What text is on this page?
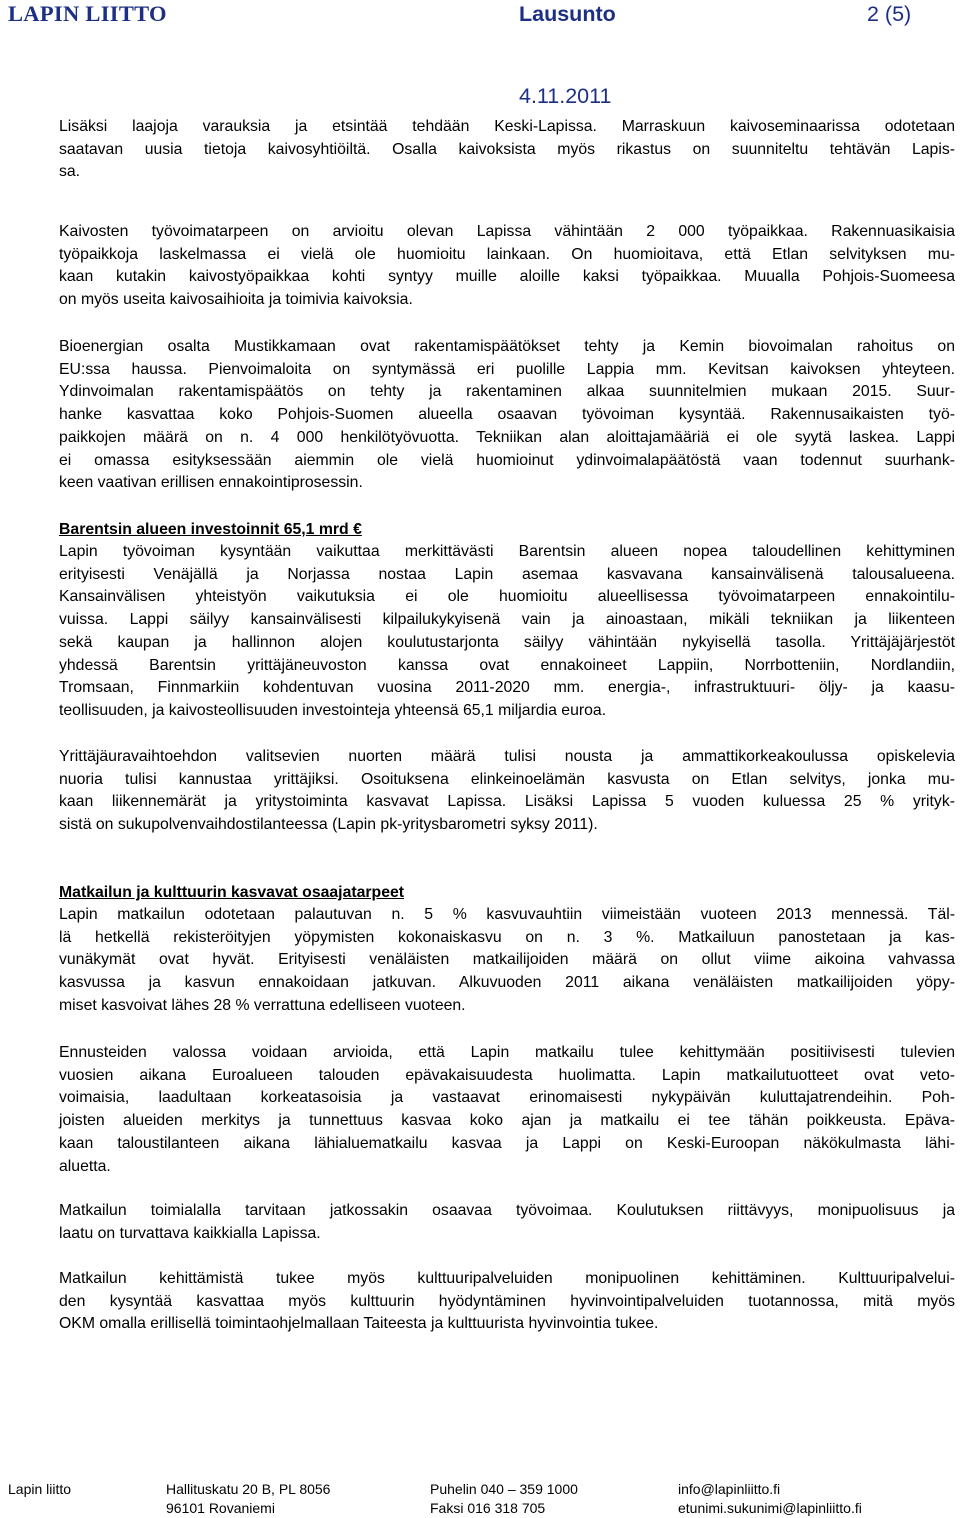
LAPIN LIITTO	Lausunto	2 (5)
4.11.2011
Lisäksi laajoja varauksia ja etsintää tehdään Keski-Lapissa. Marraskuun kaivoseminaarissa odotetaan
saatavan uusia tietoja kaivosyhtiöiltä. Osalla kaivoksista myös rikastus on suunniteltu tehtävän Lapis-
sa.
Kaivosten työvoimatarpeen on arvioitu olevan Lapissa vähintään 2 000 työpaikkaa. Rakennuasikaisia
työpaikkoja laskelmassa ei vielä ole huomioitu lainkaan. On huomioitava, että Etlan selvityksen mu-
kaan kutakin kaivostyöpaikkaa kohti syntyy muille aloille kaksi työpaikkaa. Muualla Pohjois-Suomeesa
on myös useita kaivosaihioita ja toimivia kaivoksia.
Bioenergian osalta Mustikkamaan ovat rakentamispäätökset tehty ja Kemin biovoimalan rahoitus on
EU:ssa haussa. Pienvoimaloita on syntymässä eri puolille Lappia mm. Kevitsan kaivoksen yhteyteen.
Ydinvoimalan rakentamispäätös on tehty ja rakentaminen alkaa suunnitelmien mukaan 2015. Suur-
hanke kasvattaa koko Pohjois-Suomen alueella osaavan työvoiman kysyntää. Rakennusaikaisten työ-
paikkojen määrä on n. 4 000 henkilötyövuotta. Tekniikan alan aloittajamääriä ei ole syytä laskea. Lappi
ei omassa esityksessään aiemmin ole vielä huomioinut ydinvoimalapäätöstä vaan todennut suurhank-
keen vaativan erillisen ennakointiprosessin.
Barentsin alueen investoinnit 65,1 mrd €
Lapin työvoiman kysyntään vaikuttaa merkittävästi Barentsin alueen nopea taloudellinen kehittyminen
erityisesti Venäjällä ja Norjassa nostaa Lapin asemaa kasvavana kansainvälisenä talousalueena.
Kansainvälisen yhteistyön vaikutuksia ei ole huomioitu alueellisessa työvoimatarpeen ennakointilu-
vuissa. Lappi säilyy kansainvälisesti kilpailukykyisenä vain ja ainoastaan, mikäli tekniikan ja liikenteen
sekä kaupan ja hallinnon alojen koulutustarjonta säilyy vähintään nykyisellä tasolla. Yrittäjäjärjestöt
yhdessä Barentsin yrittäjäneuvoston kanssa ovat ennakoineet Lappiin, Norrbotteniin, Nordlandiin,
Tromsaan, Finnmarkiin kohdentuvan vuosina 2011-2020 mm. energia-, infrastruktuuri- öljy- ja kaasu-
teollisuuden, ja kaivosteollisuuden investointeja yhteensä 65,1 miljardia euroa.
Yrittäjäuravaihtoehdon valitsevien nuorten määrä tulisi nousta ja ammattikorkeakoulussa opiskelevia
nuoria tulisi kannustaa yrittäjiksi. Osoituksena elinkeinoelämän kasvusta on Etlan selvitys, jonka mu-
kaan liikennemärät ja yritystoiminta kasvavat Lapissa. Lisäksi Lapissa 5 vuoden kuluessa 25 % yrityk-
sistä on sukupolvenvaihdostilanteessa (Lapin pk-yritysbarometri syksy 2011).
Matkailun ja kulttuurin kasvavat osaajatarpeet
Lapin matkailun odotetaan palautuvan n. 5 % kasvuvauhtiin viimeistään vuoteen 2013 mennessä. Täl-
lä hetkellä rekisteröityjen yöpymisten kokonaiskasvu on n. 3 %. Matkailuun panostetaan ja kas-
vunäkymät ovat hyvät. Erityisesti venäläisten matkailijoiden määrä on ollut viime aikoina vahvassa
kasvussa ja kasvun ennakoidaan jatkuvan. Alkuvuoden 2011 aikana venäläisten matkailijoiden yöpy-
miset kasvoivat lähes 28 % verrattuna edelliseen vuoteen.
Ennusteiden valossa voidaan arvioida, että Lapin matkailu tulee kehittymään positiivisesti tulevien
vuosien aikana Euroalueen talouden epävakaisuudesta huolimatta. Lapin matkailutuotteet ovat veto-
voimaisia, laadultaan korkeatasoisia ja vastaavat erinomaisesti nykypäivän kuluttajatrendeihin. Poh-
joisten alueiden merkitys ja tunnettuus kasvaa koko ajan ja matkailu ei tee tähän poikkeusta. Epävа-
kaan taloustilanteen aikana lähialuematkailu kasvaa ja Lappi on Keski-Euroopan näkökulmasta lähi-
aluetta.
Matkailun toimialalla tarvitaan jatkossakin osaavaa työvoimaa. Koulutuksen riittävyys, monipuolisuus ja
laatu on turvattava kaikkialla Lapissa.
Matkailun kehittämistä tukee myös kulttuuripalveluiden monipuolinen kehittäminen. Kulttuuripalvelui-
den kysyntää kasvattaa myös kulttuurin hyödyntäminen hyvinvointipalveluiden tuotannossa, mitä myös
OKM omalla erillisellä toimintaohjelmallaan Taiteesta ja kulttuurista hyvinvointia tukee.
Lapin liitto	Hallituskatu 20 B, PL 8056
96101 Rovaniemi
Puhelin 040 – 359 1000
Faksi 016 318 705
info@lapinliitto.fi
etunimi.sukunimi@lapinliitto.fi
